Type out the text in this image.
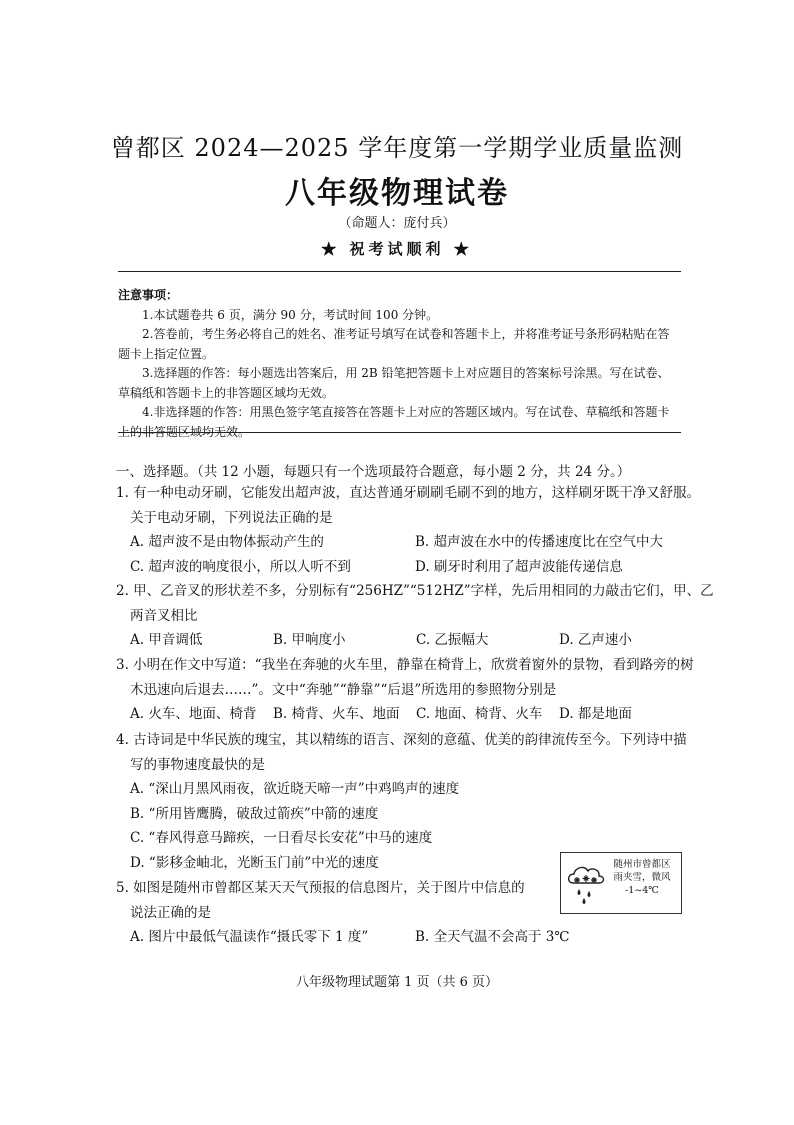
曾都区 2024—2025 学年度第一学期学业质量监测
八年级物理试卷
（命题人：庞付兵）
★ 祝考试顺利 ★
注意事项：
1.本试题卷共 6 页，满分 90 分，考试时间 100 分钟。
2.答卷前，考生务必将自己的姓名、准考证号填写在试卷和答题卡上，并将准考证号条形码粘贴在答题卡上指定位置。
3.选择题的作答：每小题选出答案后，用 2B 铅笔把答题卡上对应题目的答案标号涂黑。写在试卷、草稿纸和答题卡上的非答题区域均无效。
4.非选择题的作答：用黑色签字笔直接答在答题卡上对应的答题区域内。写在试卷、草稿纸和答题卡上的非答题区域均无效。
一、选择题。（共 12 小题，每题只有一个选项最符合题意，每小题 2 分，共 24 分。）
1. 有一种电动牙刷，它能发出超声波，直达普通牙刷刷毛刷不到的地方，这样刷牙既干净又舒服。
关于电动牙刷，下列说法正确的是
A. 超声波不是由物体振动产生的	B. 超声波在水中的传播速度比在空气中大
C. 超声波的响度很小，所以人听不到	D. 刷牙时利用了超声波能传递信息
2. 甲、乙音叉的形状差不多，分别标有“256HZ”“512HZ”字样，先后用相同的力敲击它们，甲、乙
两音叉相比
A. 甲音调低	B. 甲响度小	C. 乙振幅大	D. 乙声速小
3. 小明在作文中写道：“我坐在奔驰的火车里，静靠在椅背上，欣赏着窗外的景物，看到路旁的树
木迅速向后退去……”。文中“奔驰”“静靠”“后退”所选用的参照物分别是
A. 火车、地面、椅背	B. 椅背、火车、地面	C. 地面、椅背、火车	D. 都是地面
4. 古诗词是中华民族的瑰宝，其以精练的语言、深刻的意蕴、优美的韵律流传至今。下列诗中描
写的事物速度最快的是
A. “深山月黑风雨夜，欲近晓天啼一声”中鸡鸣声的速度
B. “所用皆鹰腾，破敌过箭疾”中箭的速度
C. “春风得意马蹄疾，一日看尽长安花”中马的速度
D. “影移金岫北，光断玉门前”中光的速度
5. 如图是随州市曾都区某天天气预报的信息图片，关于图片中信息的
说法正确的是
A. 图片中最低气温读作“摄氏零下 1 度”	B. 全天气温不会高于 3℃
随州市曾都区
雨夹雪，微风
-1~4℃
八年级物理试题第 1 页（共 6 页）
